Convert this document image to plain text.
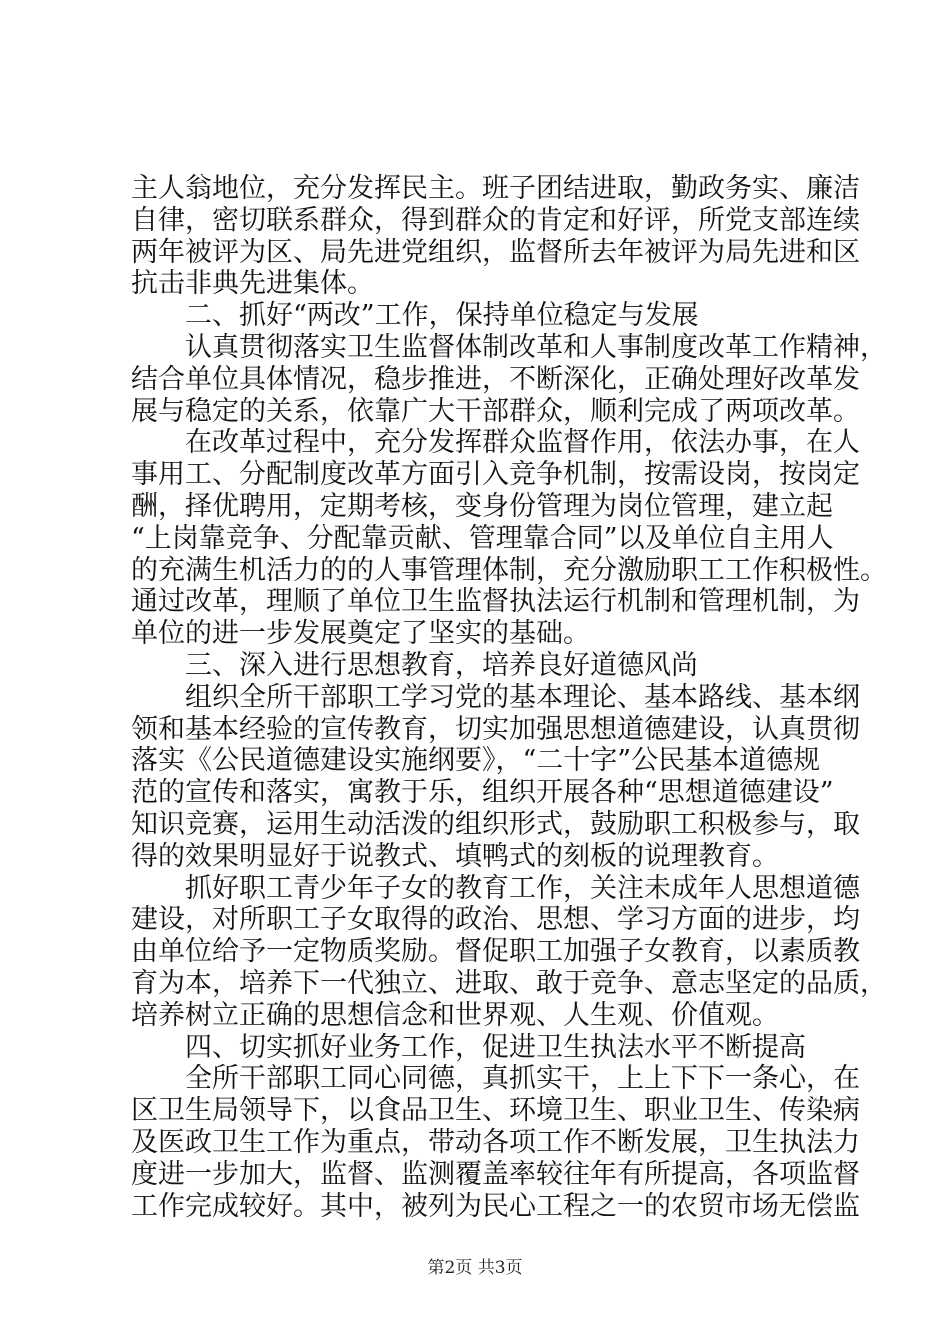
主人翁地位，充分发挥民主。班子团结进取，勤政务实、廉洁
自律，密切联系群众，得到群众的肯定和好评，所党支部连续
两年被评为区、局先进党组织，监督所去年被评为局先进和区
抗击非典先进集体。
　　二、抓好“两改”工作，保持单位稳定与发展
　　认真贯彻落实卫生监督体制改革和人事制度改革工作精神，
结合单位具体情况，稳步推进，不断深化，正确处理好改革发
展与稳定的关系，依靠广大干部群众，顺利完成了两项改革。
　　在改革过程中，充分发挥群众监督作用，依法办事，在人
事用工、分配制度改革方面引入竞争机制，按需设岗，按岗定
酬，择优聘用，定期考核，变身份管理为岗位管理，建立起
“上岗靠竞争、分配靠贡献、管理靠合同”以及单位自主用人
的充满生机活力的的人事管理体制，充分激励职工工作积极性。
通过改革，理顺了单位卫生监督执法运行机制和管理机制，为
单位的进一步发展奠定了坚实的基础。
　　三、深入进行思想教育，培养良好道德风尚
　　组织全所干部职工学习党的基本理论、基本路线、基本纲
领和基本经验的宣传教育，切实加强思想道德建设，认真贯彻
落实《公民道德建设实施纲要》，“二十字”公民基本道德规
范的宣传和落实，寓教于乐，组织开展各种“思想道德建设”
知识竞赛，运用生动活泼的组织形式，鼓励职工积极参与，取
得的效果明显好于说教式、填鸭式的刻板的说理教育。
　　抓好职工青少年子女的教育工作，关注未成年人思想道德
建设，对所职工子女取得的政治、思想、学习方面的进步，均
由单位给予一定物质奖励。督促职工加强子女教育，以素质教
育为本，培养下一代独立、进取、敢于竞争、意志坚定的品质，
培养树立正确的思想信念和世界观、人生观、价值观。
　　四、切实抓好业务工作，促进卫生执法水平不断提高
　　全所干部职工同心同德，真抓实干，上上下下一条心，在
区卫生局领导下，以食品卫生、环境卫生、职业卫生、传染病
及医政卫生工作为重点，带动各项工作不断发展，卫生执法力
度进一步加大，监督、监测覆盖率较往年有所提高，各项监督
工作完成较好。其中，被列为民心工程之一的农贸市场无偿监
第2页 共3页
